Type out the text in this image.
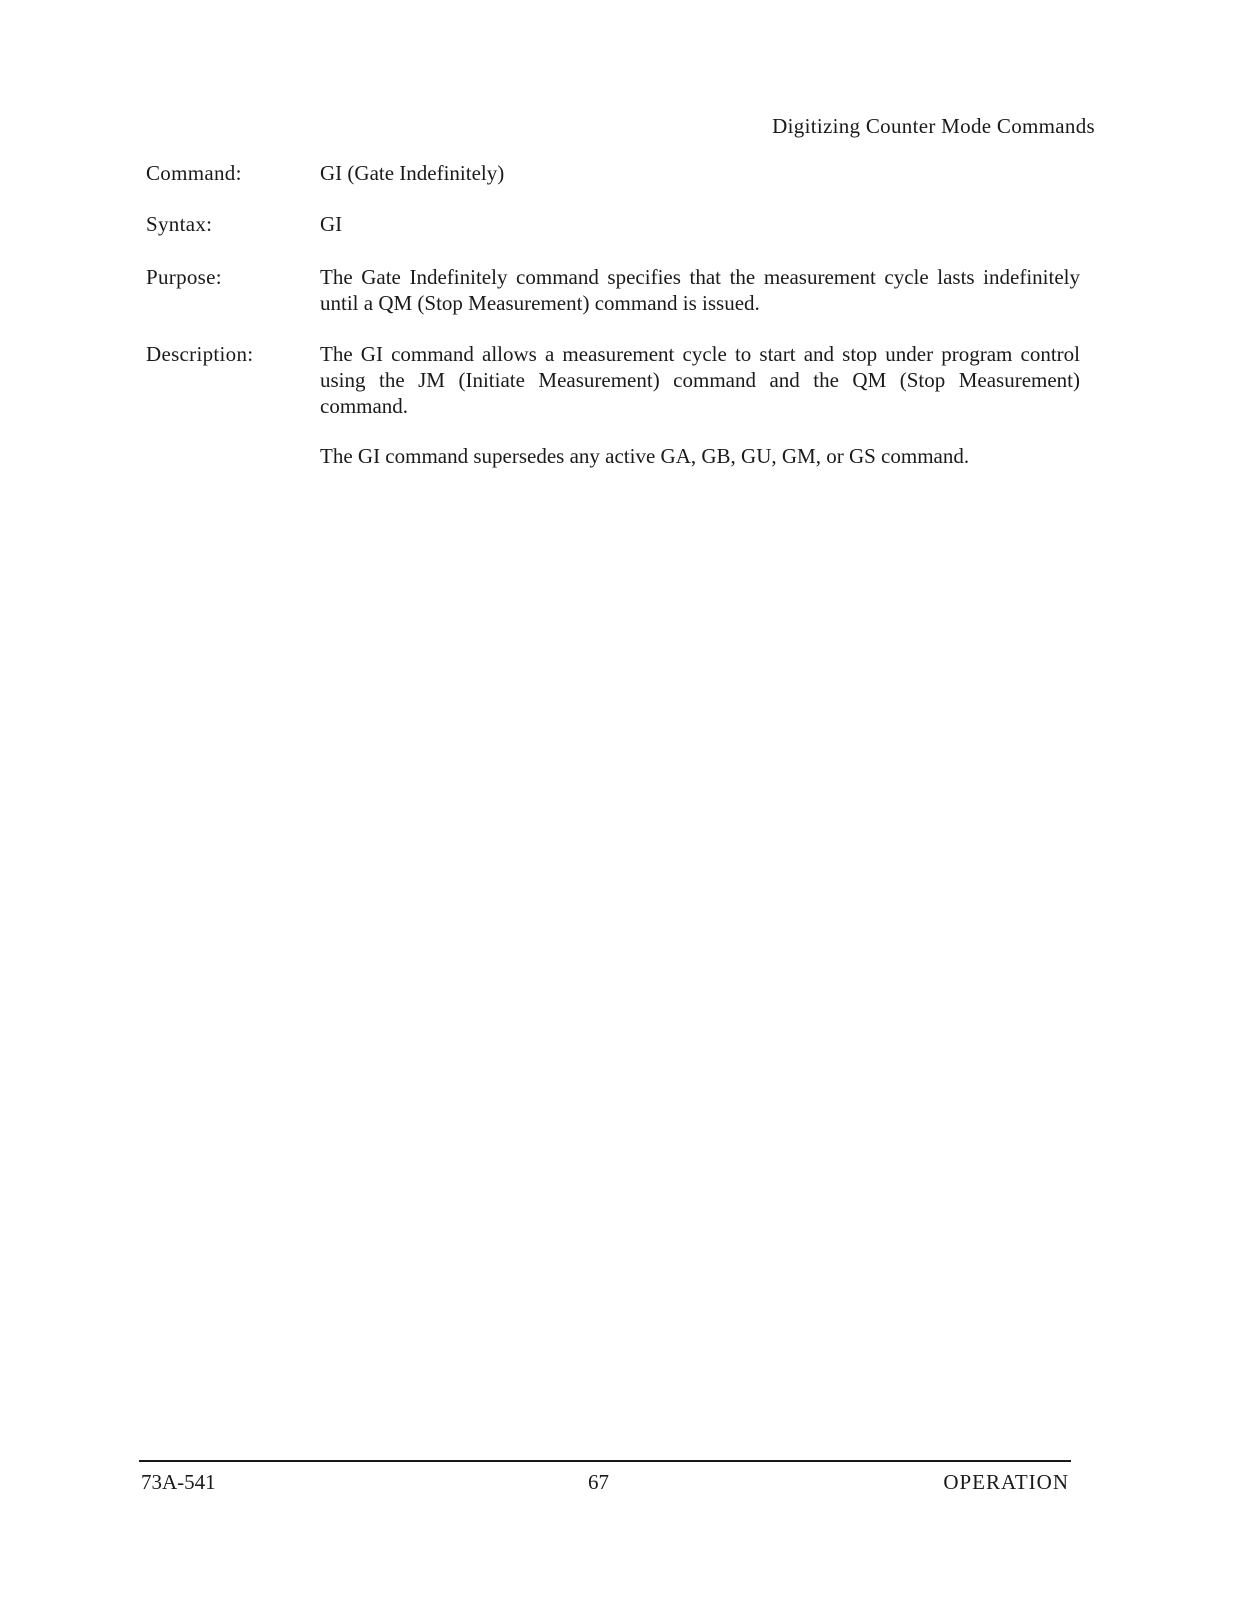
Digitizing Counter Mode Commands
Command:	GI (Gate Indefinitely)
Syntax:	GI
Purpose:	The Gate Indefinitely command specifies that the measurement cycle lasts indefinitely until a QM (Stop Measurement) command is issued.
Description:	The GI command allows a measurement cycle to start and stop under program control using the JM (Initiate Measurement) command and the QM (Stop Measurement) command.

The GI command supersedes any active GA, GB, GU, GM, or GS command.

73A-541	67	OPERATION
